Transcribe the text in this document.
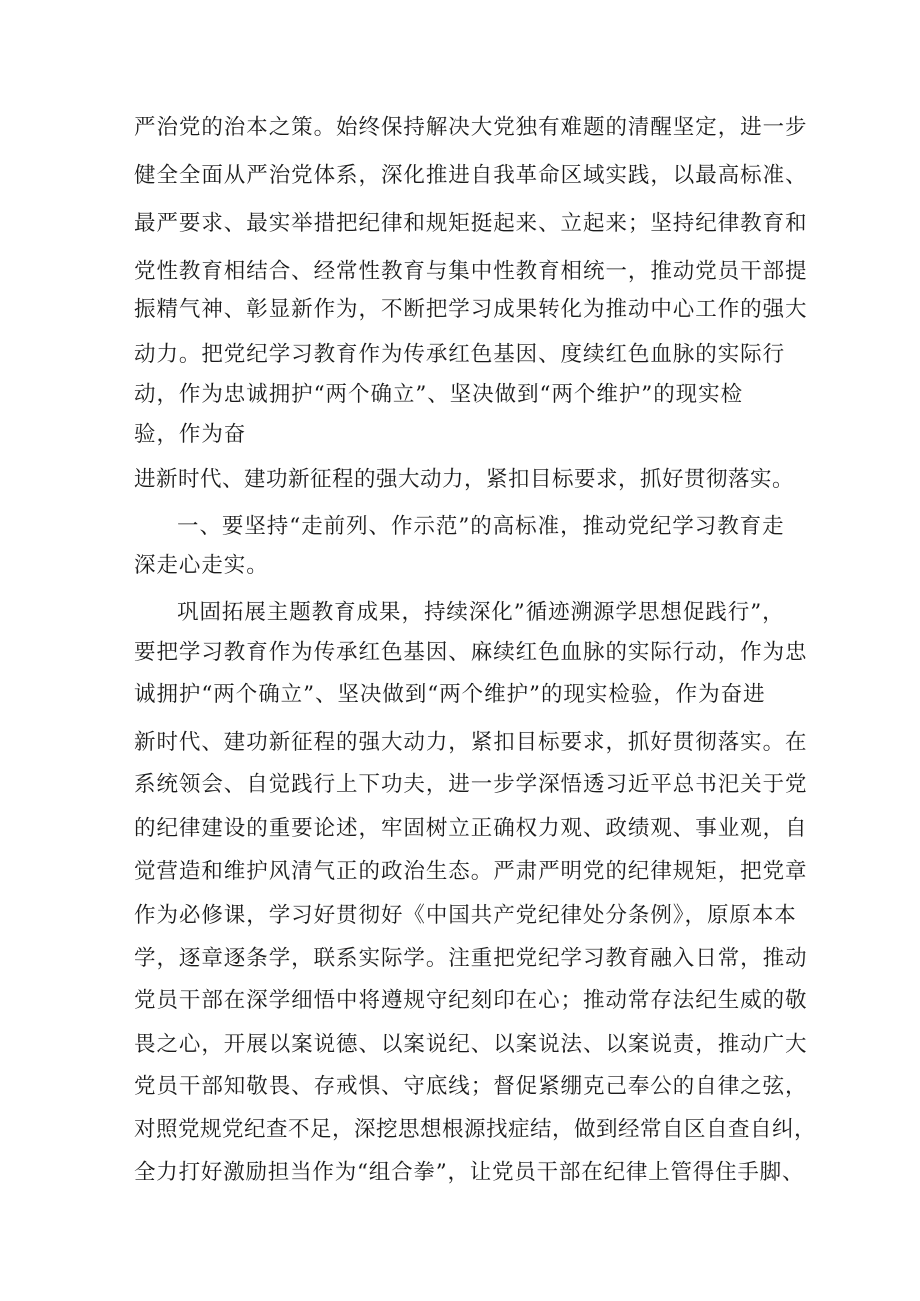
严治党的治本之策。始终保持解决大党独有难题的清醒坚定，进一步
健全全面从严治党体系，深化推进自我革命区域实践，以最高标准、
最严要求、最实举措把纪律和规矩挺起来、立起来；坚持纪律教育和
党性教育相结合、经常性教育与集中性教育相统一，推动党员干部提
振精气神、彰显新作为，不断把学习成果转化为推动中心工作的强大
动力。把党纪学习教育作为传承红色基因、度续红色血脉的实际行
动，作为忠诚拥护“两个确立”、坚决做到“两个维护”的现实检
验，作为奋
进新时代、建功新征程的强大动力，紧扣目标要求，抓好贯彻落实。
一、要坚持“走前列、作示范”的高标准，推动党纪学习教育走
深走心走实。
巩固拓展主题教育成果，持续深化”循迹溯源学思想促践行”，
要把学习教育作为传承红色基因、麻续红色血脉的实际行动，作为忠
诚拥护“两个确立”、坚决做到“两个维护”的现实检验，作为奋进
新时代、建功新征程的强大动力，紧扣目标要求，抓好贯彻落实。在
系统领会、自觉践行上下功夫，进一步学深悟透习近平总书汜关于党
的纪律建设的重要论述，牢固树立正确权力观、政绩观、事业观，自
觉营造和维护风清气正的政治生态。严肃严明党的纪律规矩，把党章
作为必修课，学习好贯彻好《中国共产党纪律处分条例》，原原本本
学，逐章逐条学，联系实际学。注重把党纪学习教育融入日常，推动
党员干部在深学细悟中将遵规守纪刻印在心；推动常存法纪生威的敬
畏之心，开展以案说德、以案说纪、以案说法、以案说责，推动广大
党员干部知敬畏、存戒惧、守底线；督促紧绷克己奉公的自律之弦，
对照党规党纪查不足，深挖思想根源找症结，做到经常自区自查自纠，
全力打好激励担当作为“组合拳”，让党员干部在纪律上管得住手脚、
